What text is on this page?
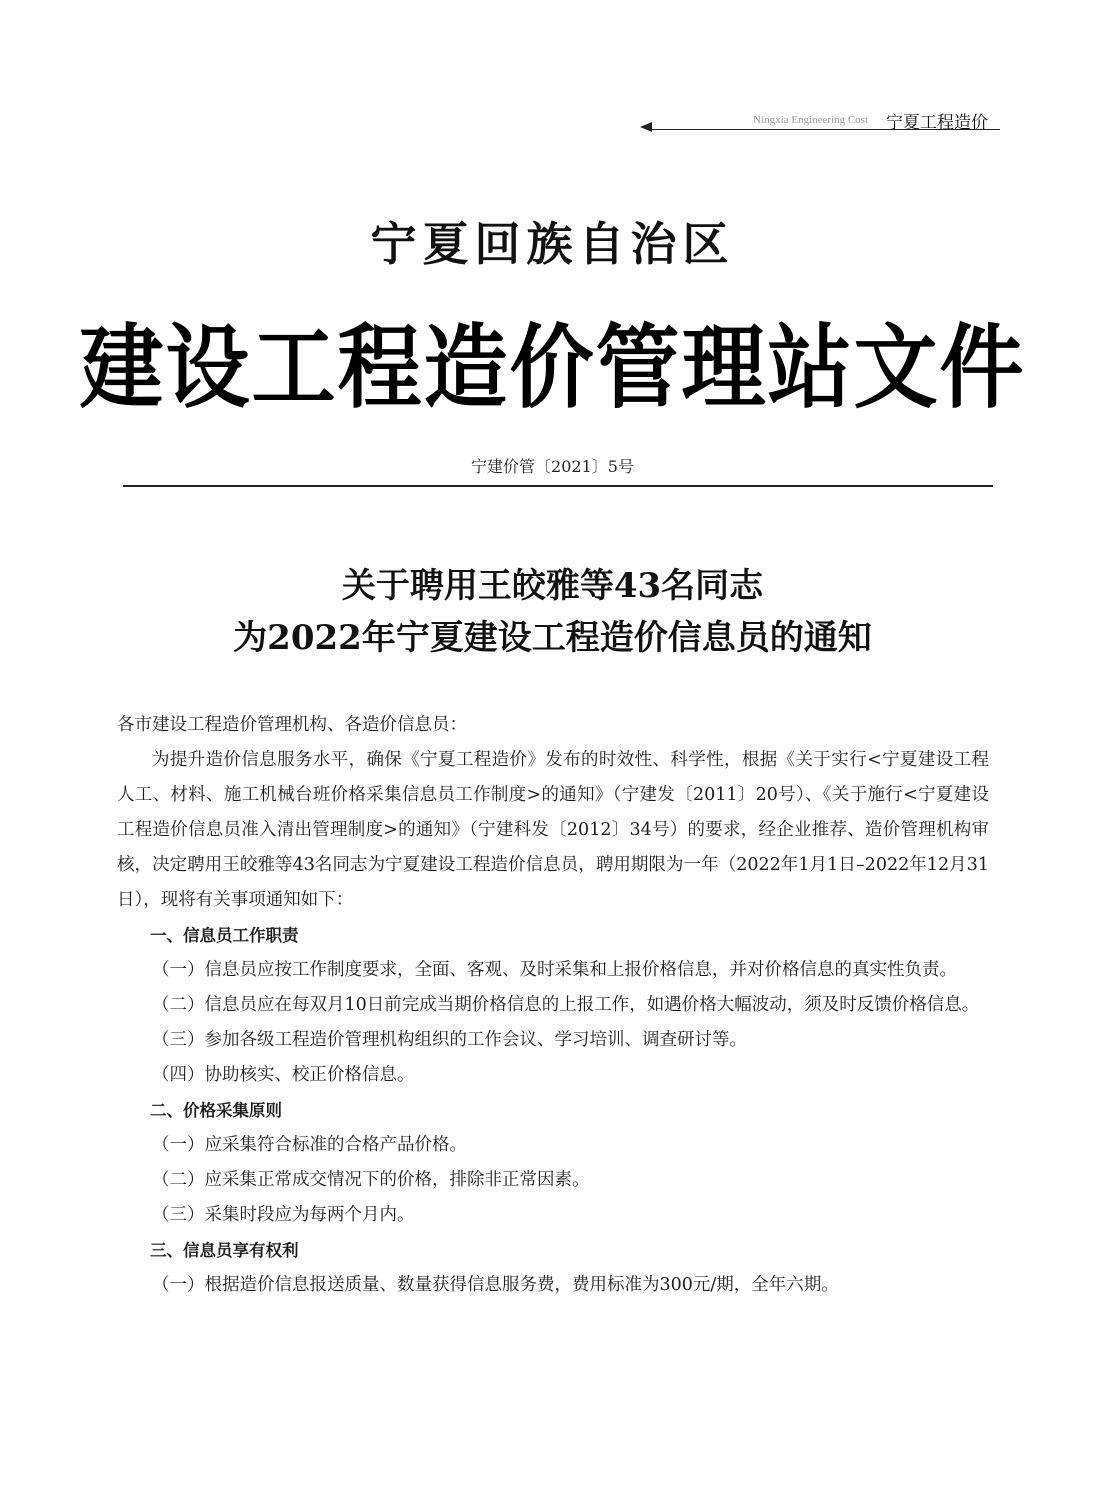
Ningxia Engineering Cost 宁夏工程造价
宁夏回族自治区
建设工程造价管理站文件
宁建价管〔2021〕5号
关于聘用王皎雅等43名同志
为2022年宁夏建设工程造价信息员的通知

各市建设工程造价管理机构、各造价信息员：

为提升造价信息服务水平，确保《宁夏工程造价》发布的时效性、科学性，根据《关于实行<宁夏建设工程人工、材料、施工机械台班价格采集信息员工作制度>的通知》（宁建发〔2011〕20号）、《关于施行<宁夏建设工程造价信息员准入清出管理制度>的通知》（宁建科发〔2012〕34号）的要求，经企业推荐、造价管理机构审核，决定聘用王皎雅等43名同志为宁夏建设工程造价信息员，聘用期限为一年（2022年1月1日–2022年12月31日），现将有关事项通知如下：

一、信息员工作职责

（一）信息员应按工作制度要求，全面、客观、及时采集和上报价格信息，并对价格信息的真实性负责。

（二）信息员应在每双月10日前完成当期价格信息的上报工作，如遇价格大幅波动，须及时反馈价格信息。

（三）参加各级工程造价管理机构组织的工作会议、学习培训、调查研讨等。

（四）协助核实、校正价格信息。

二、价格采集原则

（一）应采集符合标准的合格产品价格。

（二）应采集正常成交情况下的价格，排除非正常因素。

（三）采集时段应为每两个月内。

三、信息员享有权利

（一）根据造价信息报送质量、数量获得信息服务费，费用标准为300元/期，全年六期。
